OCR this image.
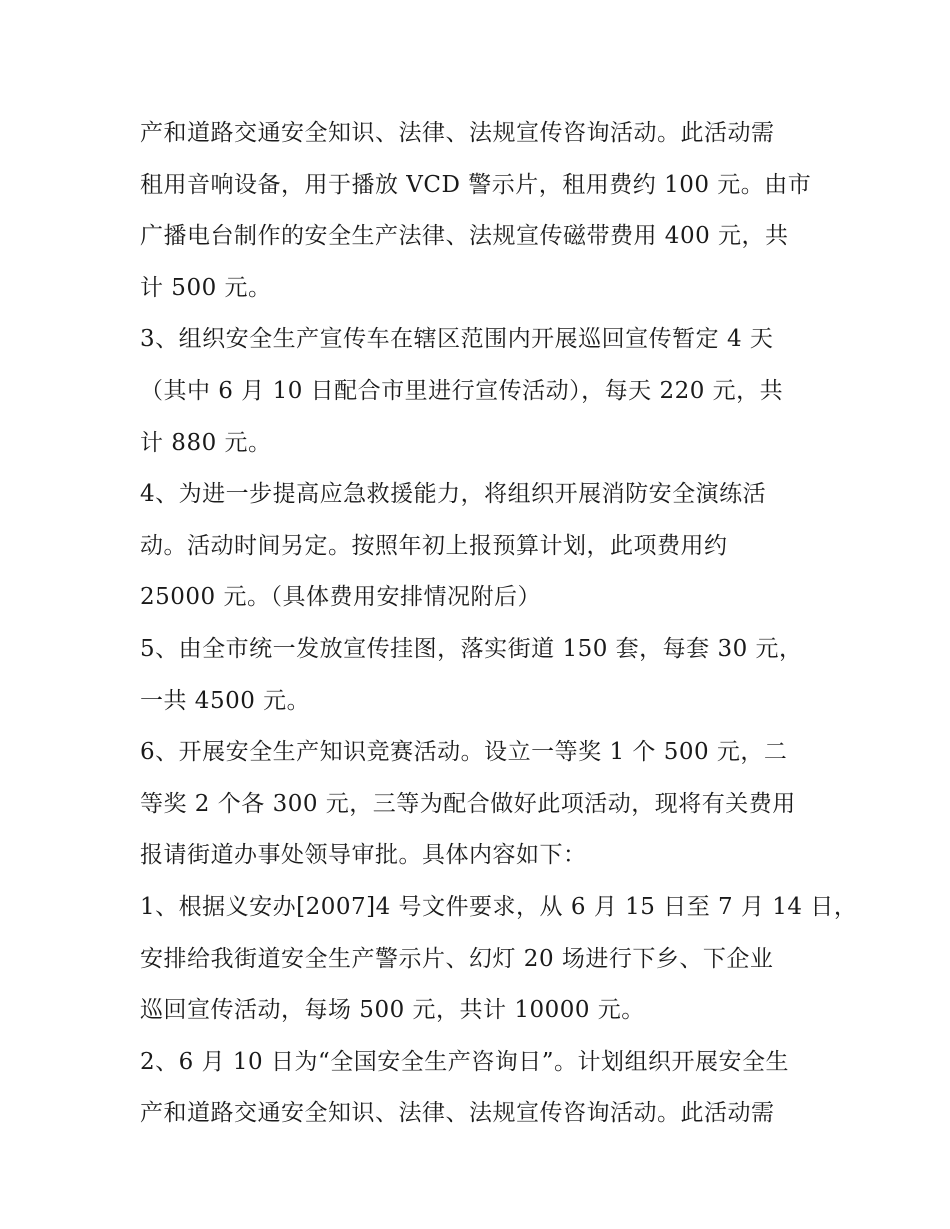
产和道路交通安全知识、法律、法规宣传咨询活动。此活动需
租用音响设备，用于播放 VCD 警示片，租用费约 100 元。由市
广播电台制作的安全生产法律、法规宣传磁带费用 400 元，共
计 500 元。
3、组织安全生产宣传车在辖区范围内开展巡回宣传暂定 4 天
（其中 6 月 10 日配合市里进行宣传活动），每天 220 元，共
计 880 元。
4、为进一步提高应急救援能力，将组织开展消防安全演练活
动。活动时间另定。按照年初上报预算计划，此项费用约
25000 元。（具体费用安排情况附后）
5、由全市统一发放宣传挂图，落实街道 150 套，每套 30 元，
一共 4500 元。
6、开展安全生产知识竞赛活动。设立一等奖 1 个 500 元，二
等奖 2 个各 300 元，三等为配合做好此项活动，现将有关费用
报请街道办事处领导审批。具体内容如下：
1、根据义安办[2007]4 号文件要求，从 6 月 15 日至 7 月 14 日，
安排给我街道安全生产警示片、幻灯 20 场进行下乡、下企业
巡回宣传活动，每场 500 元，共计 10000 元。
2、6 月 10 日为“全国安全生产咨询日”。计划组织开展安全生
产和道路交通安全知识、法律、法规宣传咨询活动。此活动需
